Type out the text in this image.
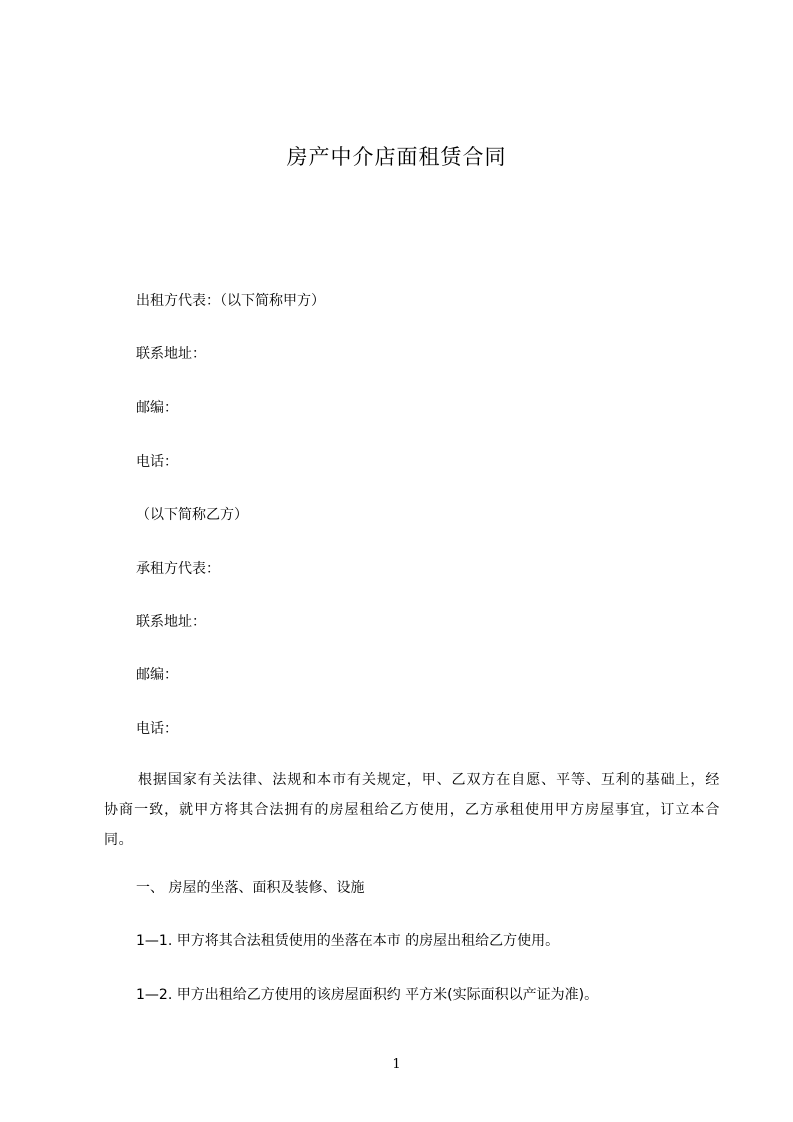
房产中介店面租赁合同
出租方代表：（以下简称甲方）
联系地址：
邮编：
电话：
（以下简称乙方）
承租方代表：
联系地址：
邮编：
电话：
根据国家有关法律、法规和本市有关规定，甲、乙双方在自愿、平等、互利的基础上，经协商一致，就甲方将其合法拥有的房屋租给乙方使用，乙方承租使用甲方房屋事宜，订立本合同。
一、 房屋的坐落、面积及装修、设施
1—1. 甲方将其合法租赁使用的坐落在本市 的房屋出租给乙方使用。
1—2. 甲方出租给乙方使用的该房屋面积约 平方米(实际面积以产证为准)。
1
